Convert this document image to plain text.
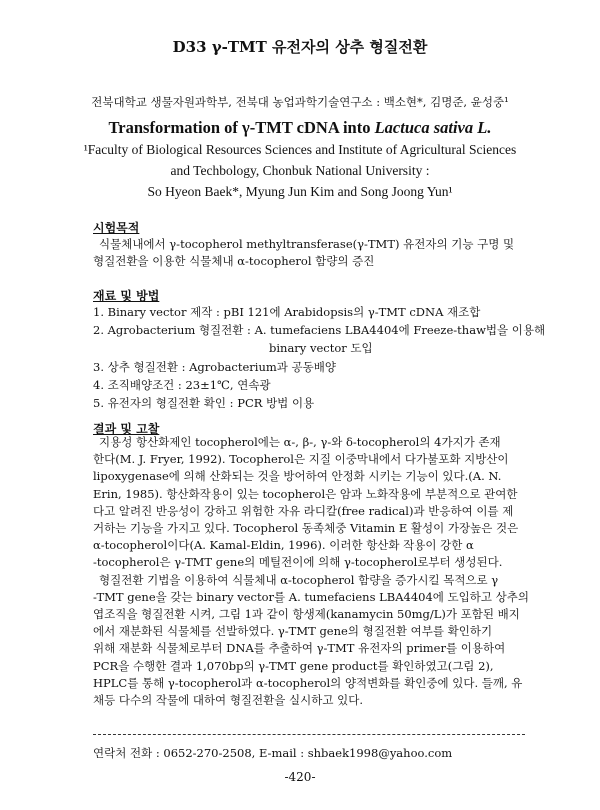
D33 γ-TMT 유전자의 상추 형질전환
전북대학교 생물자원과학부, 전북대 농업과학기술연구소 : 백소현*, 김명준, 윤성중¹
Transformation of γ-TMT cDNA into Lactuca sativa L.
¹Faculty of Biological Resources Sciences and Institute of Agricultural Sciences
and Techbology, Chonbuk National University :
So Hyeon Baek*, Myung Jun Kim and Song Joong Yun¹
시험목적
식물체내에서 γ-tocopherol methyltransferase(γ-TMT) 유전자의 기능 구명 및
형질전환을 이용한 식물체내 α-tocopherol 함량의 증진
재료 및 방법
1. Binary vector 제작 : pBI 121에 Arabidopsis의 γ-TMT cDNA 재조합
2. Agrobacterium 형질전환 : A. tumefaciens LBA4404에 Freeze-thaw법을 이용해
binary vector 도입
3. 상추 형질전환 : Agrobacterium과 공동배양
4. 조직배양조건 : 23±1℃, 연속광
5. 유전자의 형질전환 확인 : PCR 방법 이용
결과 및 고찰
지용성 항산화제인 tocopherol에는 α-, β-, γ-와 δ-tocopherol의 4가지가 존재
한다(M. J. Fryer, 1992). Tocopherol은 지질 이중막내에서 다가불포화 지방산이
lipoxygenase에 의해 산화되는 것을 방어하여 안정화 시키는 기능이 있다.(A. N.
Erin, 1985). 항산화작용이 있는 tocopherol은 암과 노화작용에 부분적으로 관여한
다고 알려진 반응성이 강하고 위험한 자유 라디칼(free radical)과 반응하여 이를 제
거하는 기능을 가지고 있다. Tocopherol 동족체중 Vitamin E 활성이 가장높은 것은
α-tocopherol이다(A. Kamal-Eldin, 1996). 이러한 항산화 작용이 강한 α
-tocopherol은 γ-TMT gene의 메틸전이에 의해 γ-tocopherol로부터 생성된다.
형질전환 기법을 이용하여 식물체내 α-tocopherol 함량을 증가시킬 목적으로 γ
-TMT gene을 갖는 binary vector를 A. tumefaciens LBA4404에 도입하고 상추의
엽조직을 형질전환 시켜, 그림 1과 같이 항생제(kanamycin 50mg/L)가 포함된 배지
에서 재분화된 식물체를 선발하였다. γ-TMT gene의 형질전환 여부를 확인하기
위해 재분화 식물체로부터 DNA를 추출하여 γ-TMT 유전자의 primer를 이용하여
PCR을 수행한 결과 1,070bp의 γ-TMT gene product를 확인하였고(그림 2),
HPLC를 통해 γ-tocopherol과 α-tocopherol의 양적변화를 확인중에 있다. 들깨, 유
채등 다수의 작물에 대하여 형질전환을 실시하고 있다.
연락처 전화 : 0652-270-2508, E-mail : shbaek1998@yahoo.com
-420-
